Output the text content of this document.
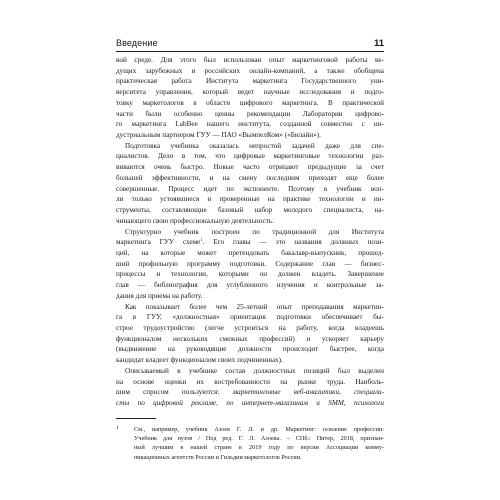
Введение	11

вой среде. Для этого был использован опыт маркетинговой работы ве-

дущих зарубежных и российских онлайн-компаний, а также обобщена

практическая работа Института маркетинга Государственного уни-

верситета управления, который ведет научные исследования и подго-

товку маркетологов в области цифрового маркетинга. В практической

части были особенно ценны рекомендации Лаборатории цифрово-

го маркетинга LabBee нашего института, созданной совместно с ин-

дустриальным партнером ГУУ — ПАО «ВымпелКом» («Билайн»).

Подготовка учебника оказалась непростой задачей даже для спе-

циалистов. Дело в том, что цифровые маркетинговые технологии раз-

виваются очень быстро. Новые часто отрицают предыдущие за счет

большей эффективности, и на смену последним приходят еще более

совершенные. Процесс идет по экспоненте. Поэтому в учебник воп-

ли только устоявшиеся и проверенные на практике технологии и ин-

струменты, составляющие базовый набор молодого специалиста, на-

чинающего свою профессиональную деятельность.

Структурно учебник построен по традиционной для Института

маркетинга ГУУ схеме$^1$. Его главы — это названия должных пози-

ций, на которые может претендовать бакалавр-выпускник, прошед-

ший профильную программу подготовки. Содержание глав — бизнес-

процессы и технологии, которыми он должен владеть. Завершение

глав — библиография для углубленного изучения и контрольные за-

дания для приема на работу.

Как показывает более чем 25-летний опыт преподавания маркетин-

га в ГУУ, «должностная» ориентация подготовки обеспечивает бы-

строе трудоустройство (легче устроиться на работу, когда владеешь

функционалом нескольких смежных профессий) и ускоряет карьеру

(выдвижение на руководящие должности происходит быстрее, когда

кандидат владеет функционалом своих подчиненных).

Описываемый в учебнике состав должностных позиций был выделен

на основе оценки их востребованности на рынке труда. Наиболь-

шим спросом пользуются: маркетинговые веб-аналитики, специали-

сты по цифровой рекламе, по интернет-магазинам и SMM, психологи

1 См., например, учебник Азоев Г. Л. и др. Маркетинг: освоение профессии:

Учебник для вузов / Под ред. Г. Л. Азоева. – СПб.: Питер, 2018, признан-

ный лучшим в нашей стране в 2019 году по версии Ассоциации комму-

никационных агентств России и Гильдии маркетологов России.
